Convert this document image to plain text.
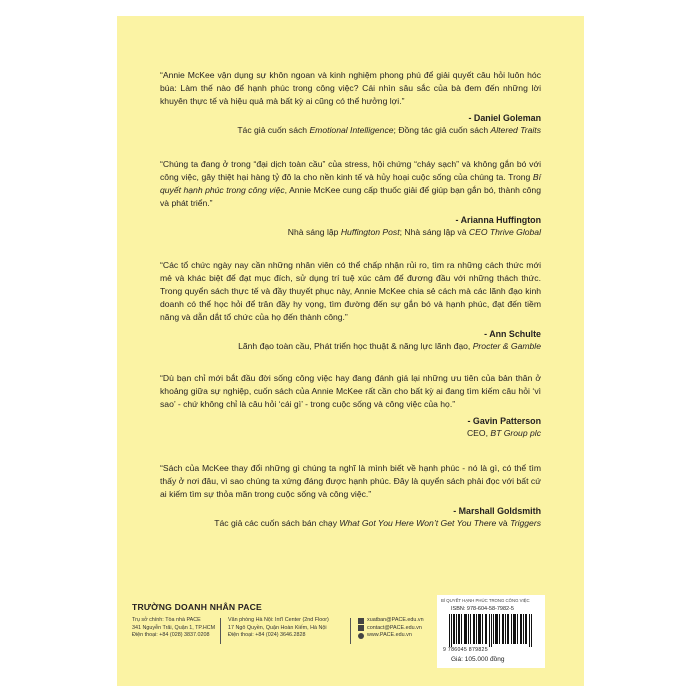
“Annie McKee vận dụng sự khôn ngoan và kinh nghiệm phong phú để giải quyết câu hỏi luôn hóc búa: Làm thế nào để hạnh phúc trong công việc? Cái nhìn sâu sắc của bà đem đến những lời khuyên thực tế và hiệu quả mà bất kỳ ai cũng có thể hưởng lợi.”

- Daniel Goleman

Tác giả cuốn sách Emotional Intelligence; Đồng tác giả cuốn sách Altered Traits

“Chúng ta đang ở trong “đại dịch toàn cầu” của stress, hội chứng “cháy sạch” và không gắn bó với công việc, gây thiệt hại hàng tỷ đô la cho nền kinh tế và hủy hoại cuộc sống của chúng ta. Trong Bí quyết hạnh phúc trong công việc, Annie McKee cung cấp thuốc giải để giúp bạn gắn bó, thành công và phát triển.”

- Arianna Huffington

Nhà sáng lập Huffington Post; Nhà sáng lập và CEO Thrive Global

“Các tổ chức ngày nay cần những nhân viên có thể chấp nhận rủi ro, tìm ra những cách thức mới mẻ và khác biệt để đạt mục đích, sử dụng trí tuệ xúc cảm để đương đầu với những thách thức. Trong quyển sách thực tế và đầy thuyết phục này, Annie McKee chia sẻ cách mà các lãnh đạo kinh doanh có thể học hỏi để trân đầy hy vọng, tìm đường đến sự gắn bó và hạnh phúc, đạt đến tiềm năng và dẫn dắt tổ chức của họ đến thành công.”

- Ann Schulte

Lãnh đạo toàn cầu, Phát triển học thuật & năng lực lãnh đạo, Procter & Gamble

“Dù bạn chỉ mới bắt đầu đời sống công việc hay đang đánh giá lại những ưu tiên của bản thân ở khoảng giữa sự nghiệp, cuốn sách của Annie McKee rất cần cho bất kỳ ai đang tìm kiếm câu hỏi ‘vì sao’ - chứ không chỉ là câu hỏi ‘cái gì’ - trong cuộc sống và công việc của họ.”

- Gavin Patterson

CEO, BT Group plc

“Sách của McKee thay đổi những gì chúng ta nghĩ là mình biết về hạnh phúc - nó là gì, có thể tìm thấy ở nơi đâu, vì sao chúng ta xứng đáng được hạnh phúc. Đây là quyển sách phải đọc với bất cứ ai kiếm tìm sự thỏa mãn trong cuộc sống và công việc.”

- Marshall Goldsmith

Tác giả các cuốn sách bán chạy What Got You Here Won’t Get You There và Triggers

TRƯỜNG DOANH NHÂN PACE

Trụ sở chính: Tòa nhà PACE
341 Nguyễn Trãi, Quận 1, TP.HCM
Điện thoại: +84 (028) 3837.0208
Văn phòng Hà Nội: Int'l Center (2nd Floor)
17 Ngô Quyền, Quận Hoàn Kiếm, Hà Nội
Điện thoại: +84 (024) 3646.2828
xuatban@PACE.edu.vn
contact@PACE.edu.vn
www.PACE.edu.vn
BÍ QUYẾT HẠNH PHÚC TRONG CÔNG VIỆC
ISBN: 978-604-58-7982-5
9 786045 879825
Giá: 105.000 đồng
